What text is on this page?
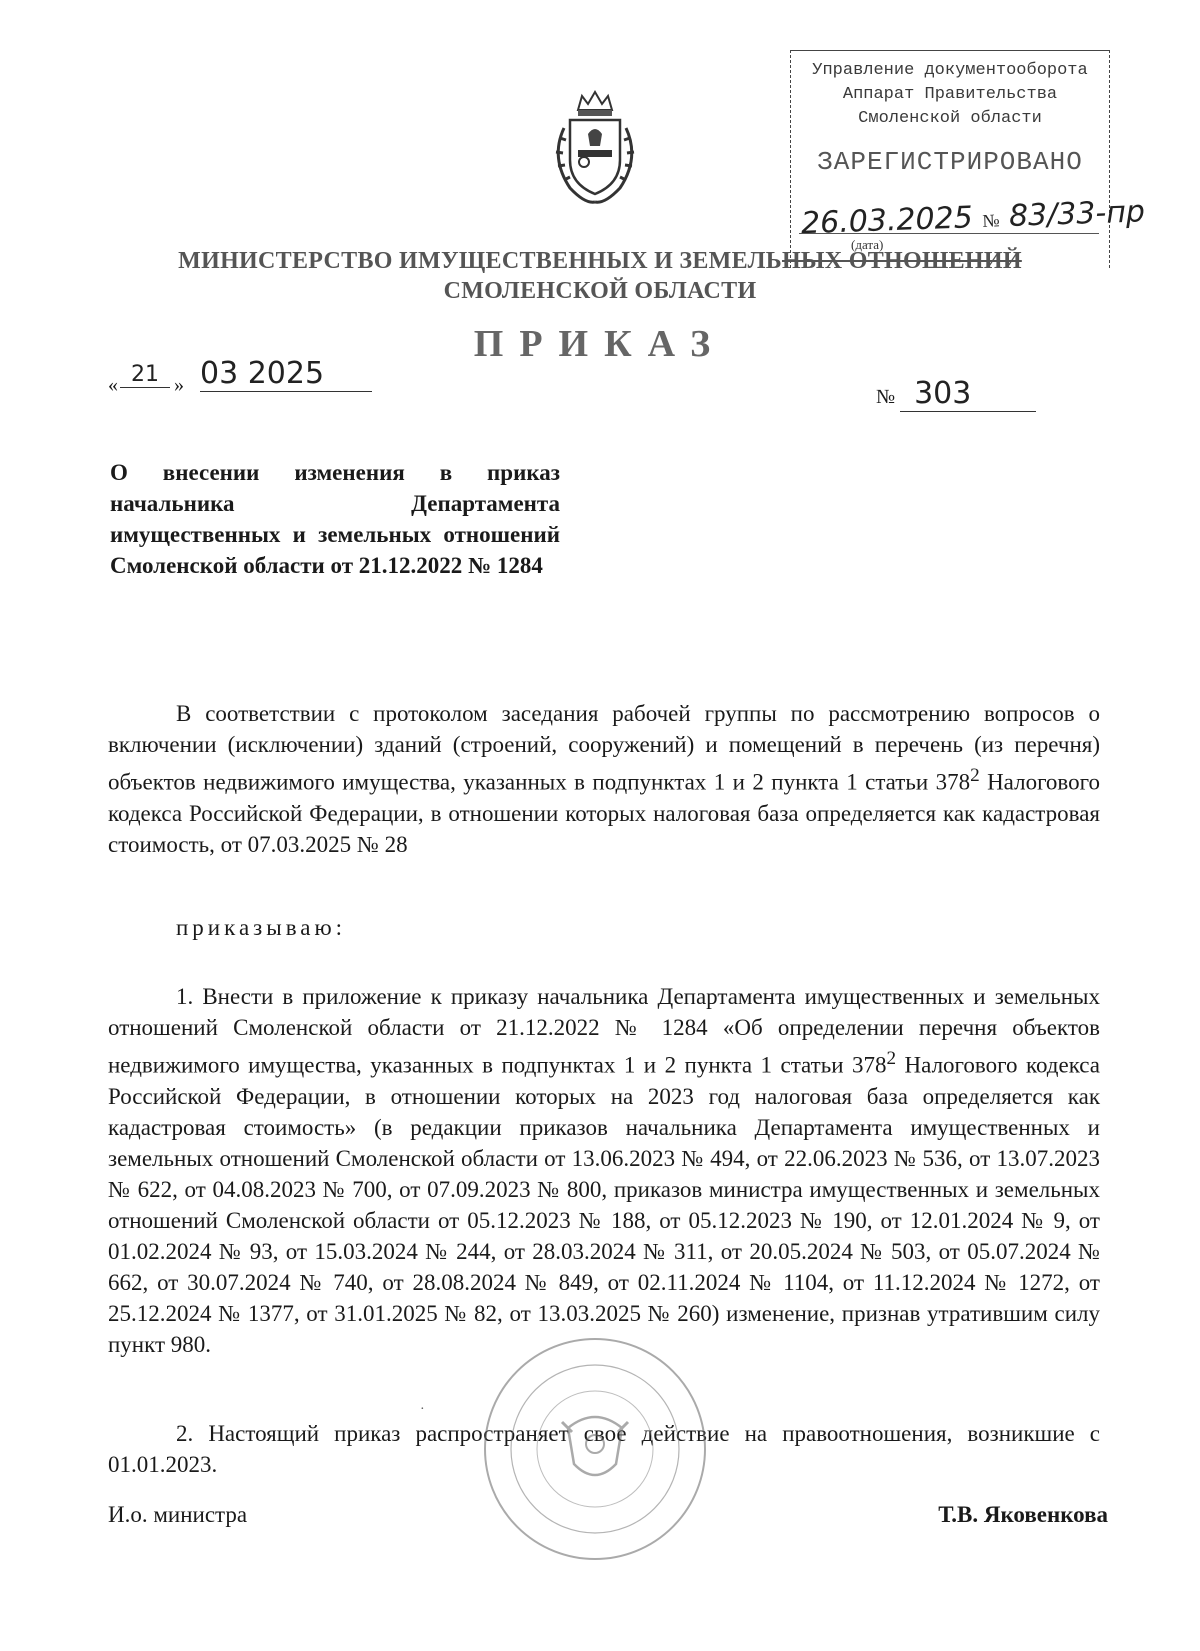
Управление документооборота
Аппарат Правительства
Смоленской области
ЗАРЕГИСТРИРОВАНО
26.03.2025 № 83/33-пр
(дата)
МИНИСТЕРСТВО ИМУЩЕСТВЕННЫХ И ЗЕМЕЛЬНЫХ ОТНОШЕНИЙ
СМОЛЕНСКОЙ ОБЛАСТИ
ПРИКАЗ
« 21 » 03 2025
№ 303
О внесении изменения в приказ начальника Департамента имущественных и земельных отношений Смоленской области от 21.12.2022 № 1284
В соответствии с протоколом заседания рабочей группы по рассмотрению вопросов о включении (исключении) зданий (строений, сооружений) и помещений в перечень (из перечня) объектов недвижимого имущества, указанных в подпунктах 1 и 2 пункта 1 статьи $378^2$ Налогового кодекса Российской Федерации, в отношении которых налоговая база определяется как кадастровая стоимость, от 07.03.2025 № 28
приказываю:
1. Внести в приложение к приказу начальника Департамента имущественных и земельных отношений Смоленской области от 21.12.2022 № 1284 «Об определении перечня объектов недвижимого имущества, указанных в подпунктах 1 и 2 пункта 1 статьи $378^2$ Налогового кодекса Российской Федерации, в отношении которых на 2023 год налоговая база определяется как кадастровая стоимость» (в редакции приказов начальника Департамента имущественных и земельных отношений Смоленской области от 13.06.2023 № 494, от 22.06.2023 № 536, от 13.07.2023 № 622, от 04.08.2023 № 700, от 07.09.2023 № 800, приказов министра имущественных и земельных отношений Смоленской области от 05.12.2023 № 188, от 05.12.2023 № 190, от 12.01.2024 № 9, от 01.02.2024 № 93, от 15.03.2024 № 244, от 28.03.2024 № 311, от 20.05.2024 № 503, от 05.07.2024 № 662, от 30.07.2024 № 740, от 28.08.2024 № 849, от 02.11.2024 № 1104, от 11.12.2024 № 1272, от 25.12.2024 № 1377, от 31.01.2025 № 82, от 13.03.2025 № 260) изменение, признав утратившим силу пункт 980.
2. Настоящий приказ распространяет свое действие на правоотношения, возникшие с 01.01.2023.
И.о. министра	Т.В. Яковенкова
·
